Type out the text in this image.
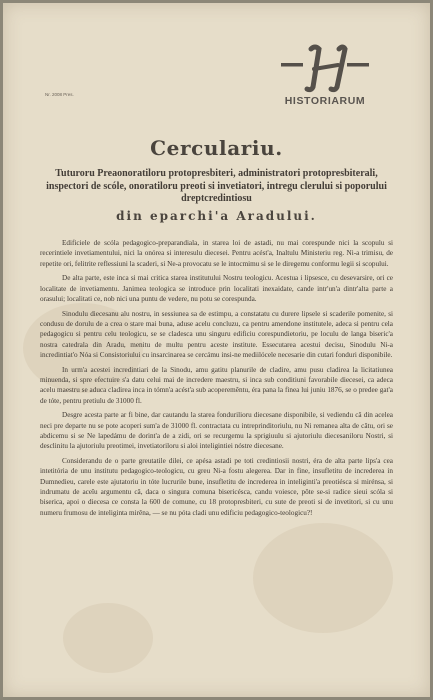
HISTORIARUM
Nr. 2008 Pres.
Cerculariu.
Tuturoru Preaonoratiloru protopresbiteri, administratori protopresbiterali, inspectori de scóle, onoratiloru preoti si invetiatori, intregu clerului si poporului dreptcredintiosu
din eparchi'a Aradului.

Edificiele de scóla pedagogico-preparandiala, in starea loi de astadi, nu mai corespunde nici la scopulu si recerintiele invetiamentului, nici la onórea si interesulu diecesei. Pentru acést'a, Inaltulu Ministeriu reg. Ni-a trimisu, de repetite ori, felitrite reflessiuni la scaderi, si Ne-a provocatu se le intocmimu si se le diregemu conformu legii si scopului.

De alta parte, este inca si mai critica starea institutului Nostru teologicu. Acestua i lipsesce, cu desevarsire, ori ce localitate de invetiamentu. Janimea teologica se introduce prin localitati inexaidate, cande intr'un'a dintr'alta parte a orasului; localitati ce, nob nici una puntu de vedere, nu potu se corespunda.

Sinodulu diecesanu alu nostru, in sessiunea sa de estimpu, a constatatu cu durere lipsele si scaderile pomenite, si condusu de dorulu de a crea o stare mai buna, aduse acelu concluzu, ca pentru amendone institutele, adeca si pentru cela pedagogicu si pentru celu teologicu, se se cladesca unu singuru edificiu corespundietoriu, pe loculu de langa biseric'a nostra catedrala din Aradu, menitu de multu pentru aceste institute. Essecutarea acestui decisu, Sinodulu Ni-a incredintiat'o Nóa si Consistoriului cu insarcinarea se cercámu insi-ne mediilócele necesarie din cutari fonduri disponibile.

In urm'a acestei incredintiari de la Sinodu, amu gatitu planurile de cladire, amu pusu cladirea la licitatiunea minuenda, si spre efectuire s'a datu celui mai de incredere maestru, si inca sub conditiuni favorabile diecesei, ca adeca acelu maestru se aduca cladirea inca in tómn'a acést'a sub acoperemêntu, éra pana la finea lui juniu 1876, se o predee gat'a de tóte, pentru pretiulu de 31000 fl.

Desgre acesta parte ar fi bine, dar cautandu la starea fondurilioru diecesane disponibile, si vediendu câ din acelea neci pre departe nu se pote acoperi sum'a de 31000 fl. contractata cu intreprinditoriulu, nu Ni remanea alta de câtu, ori se abdicemu si se Ne lapedámu de dorint'a de a zidi, ori se recurgemu la sprigiuulu si ajutoriulu diecesaniloru Nostri, si desclinitu la ajutoriulu preotimei, invetiatoriloru si aloi inteligintiei nóstre diecesane.

Considerandu de o parte greutatile dilei, ce apésa astadi pe toti credintiosii nostri, éra de alta parte lips'a cea intetitória de unu institutu pedagogico-teologicu, cu greu Ni-a fostu alegerea. Dar in fine, insufletitu de increderea in Dumnedieu, carele este ajutatoriu in tóte lucrurile bune, insufletitu de increderea in inteliginti'a preotiésca si mirénsa, si indrumatu de aceîu argumentu câ, daca o singura comuna bisericésca, candu voiesce, pôte se-si radice sieui scóla si biserica, apoi o diecesa ce consta la 600 de comune, cu 18 protopresbiteri, cu sute de preoti si de invetitori, si cu unu numeru frumosu de inteliginta mirêna, — se nu póta cladi unu edificiu pedagogico-teologicu?!
